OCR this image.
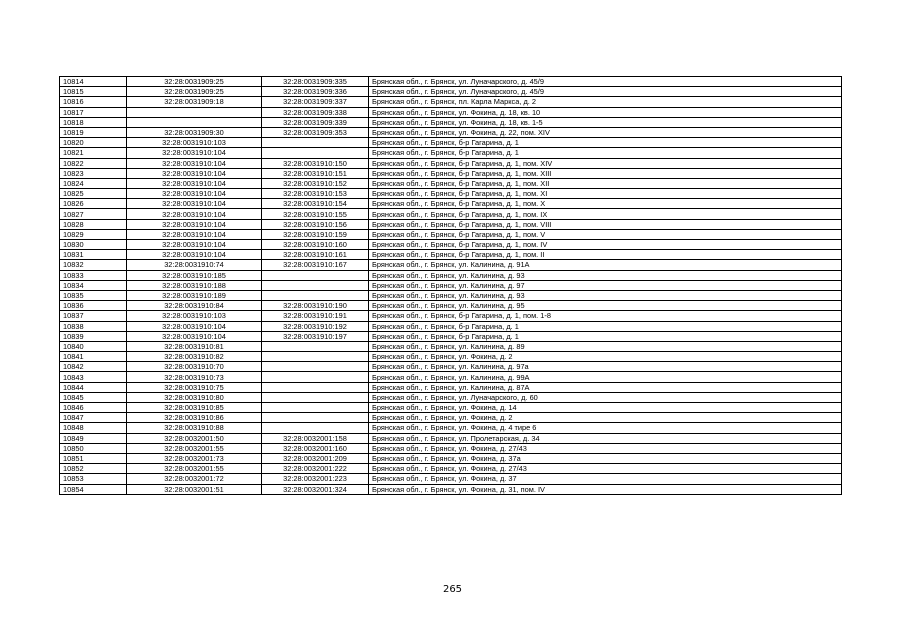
10814	32:28:0031909:25	32:28:0031909:335	Брянская обл., г. Брянск, ул. Луначарского, д. 45/9
10815	32:28:0031909:25	32:28:0031909:336	Брянская обл., г. Брянск, ул. Луначарского, д. 45/9
10816	32:28:0031909:18	32:28:0031909:337	Брянская обл., г. Брянск, пл. Карла Маркса, д. 2
10817		32:28:0031909:338	Брянская обл., г. Брянск, ул. Фокина, д. 18, кв. 10
10818		32:28:0031909:339	Брянская обл., г. Брянск, ул. Фокина, д. 18, кв. 1-5
10819	32:28:0031909:30	32:28:0031909:353	Брянская обл., г. Брянск, ул. Фокина, д. 22, пом. XIV
10820	32:28:0031910:103		Брянская обл., г. Брянск, б-р Гагарина, д. 1
10821	32:28:0031910:104		Брянская обл., г. Брянск, б-р Гагарина, д. 1
10822	32:28:0031910:104	32:28:0031910:150	Брянская обл., г. Брянск, б-р Гагарина, д. 1, пом. XIV
10823	32:28:0031910:104	32:28:0031910:151	Брянская обл., г. Брянск, б-р Гагарина, д. 1, пом. XIII
10824	32:28:0031910:104	32:28:0031910:152	Брянская обл., г. Брянск, б-р Гагарина, д. 1, пом. XII
10825	32:28:0031910:104	32:28:0031910:153	Брянская обл., г. Брянск, б-р Гагарина, д. 1, пом. XI
10826	32:28:0031910:104	32:28:0031910:154	Брянская обл., г. Брянск, б-р Гагарина, д. 1, пом. X
10827	32:28:0031910:104	32:28:0031910:155	Брянская обл., г. Брянск, б-р Гагарина, д. 1, пом. IX
10828	32:28:0031910:104	32:28:0031910:156	Брянская обл., г. Брянск, б-р Гагарина, д. 1, пом. VIII
10829	32:28:0031910:104	32:28:0031910:159	Брянская обл., г. Брянск, б-р Гагарина, д. 1, пом. V
10830	32:28:0031910:104	32:28:0031910:160	Брянская обл., г. Брянск, б-р Гагарина, д. 1, пом. IV
10831	32:28:0031910:104	32:28:0031910:161	Брянская обл., г. Брянск, б-р Гагарина, д. 1, пом. II
10832	32:28:0031910:74	32:28:0031910:167	Брянская обл., г. Брянск, ул. Калинина, д. 91А
10833	32:28:0031910:185		Брянская обл., г. Брянск, ул. Калинина, д. 93
10834	32:28:0031910:188		Брянская обл., г. Брянск, ул. Калинина, д. 97
10835	32:28:0031910:189		Брянская обл., г. Брянск, ул. Калинина, д. 93
10836	32:28:0031910:84	32:28:0031910:190	Брянская обл., г. Брянск, ул. Калинина, д. 95
10837	32:28:0031910:103	32:28:0031910:191	Брянская обл., г. Брянск, б-р Гагарина, д. 1, пом. 1-8
10838	32:28:0031910:104	32:28:0031910:192	Брянская обл., г. Брянск, б-р Гагарина, д. 1
10839	32:28:0031910:104	32:28:0031910:197	Брянская обл., г. Брянск, б-р Гагарина, д. 1
10840	32:28:0031910:81		Брянская обл., г. Брянск, ул. Калинина, д. 89
10841	32:28:0031910:82		Брянская обл., г. Брянск, ул. Фокина, д. 2
10842	32:28:0031910:70		Брянская обл., г. Брянск, ул. Калинина, д. 97а
10843	32:28:0031910:73		Брянская обл., г. Брянск, ул. Калинина, д. 99А
10844	32:28:0031910:75		Брянская обл., г. Брянск, ул. Калинина, д. 87А
10845	32:28:0031910:80		Брянская обл., г. Брянск, ул. Луначарского, д. 60
10846	32:28:0031910:85		Брянская обл., г. Брянск, ул. Фокина, д. 14
10847	32:28:0031910:86		Брянская обл., г. Брянск, ул. Фокина, д. 2
10848	32:28:0031910:88		Брянская обл., г. Брянск, ул. Фокина, д. 4 тире 6
10849	32:28:0032001:50	32:28:0032001:158	Брянская обл., г. Брянск, ул. Пролетарская, д. 34
10850	32:28:0032001:55	32:28:0032001:160	Брянская обл., г. Брянск, ул. Фокина, д. 27/43
10851	32:28:0032001:73	32:28:0032001:209	Брянская обл., г. Брянск, ул. Фокина, д. 37а
10852	32:28:0032001:55	32:28:0032001:222	Брянская обл., г. Брянск, ул. Фокина, д. 27/43
10853	32:28:0032001:72	32:28:0032001:223	Брянская обл., г. Брянск, ул. Фокина, д. 37
10854	32:28:0032001:51	32:28:0032001:324	Брянская обл., г. Брянск, ул. Фокина, д. 31, пом. IV
265
